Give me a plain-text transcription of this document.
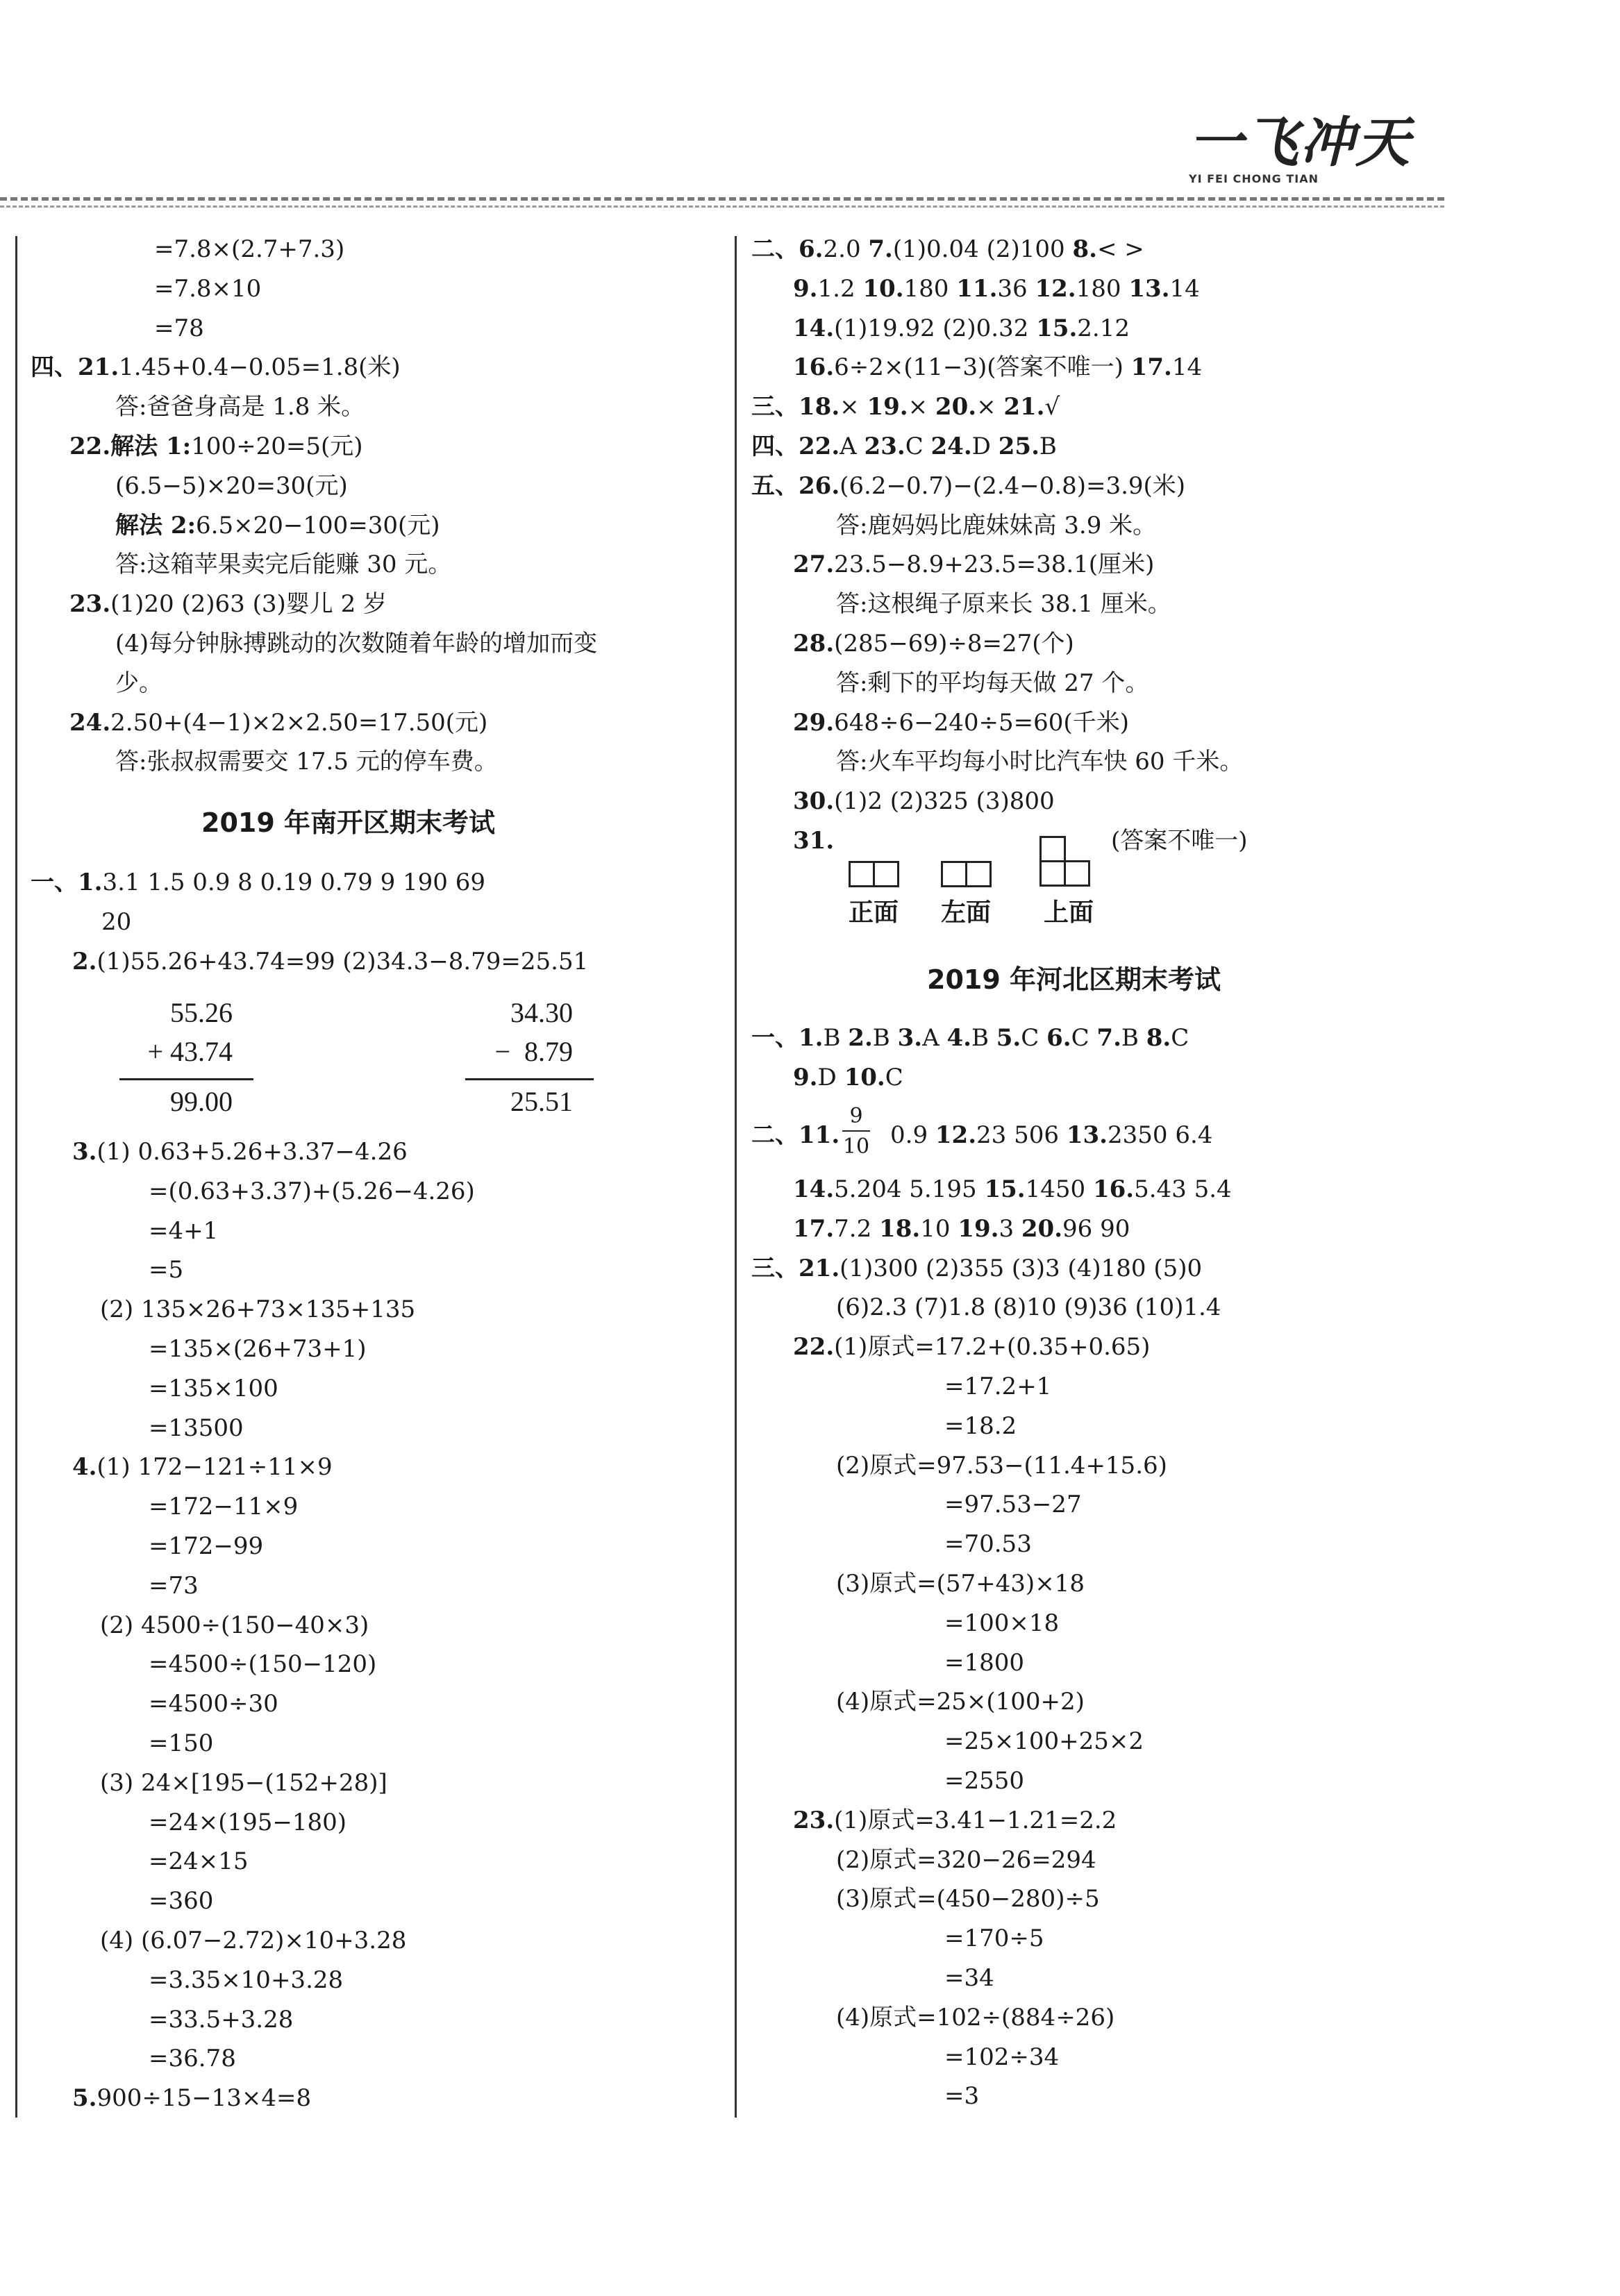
一飞冲天
YI FEI CHONG TIAN
=7.8×(2.7+7.3)
=7.8×10
=78
四、21.1.45+0.4−0.05=1.8(米)
答:爸爸身高是 1.8 米。
22.解法 1:100÷20=5(元)
(6.5−5)×20=30(元)
解法 2:6.5×20−100=30(元)
答:这箱苹果卖完后能赚 30 元。
23.(1)20 (2)63 (3)婴儿 2 岁
(4)每分钟脉搏跳动的次数随着年龄的增加而变
少。
24.2.50+(4−1)×2×2.50=17.50(元)
答:张叔叔需要交 17.5 元的停车费。
2019 年南开区期末考试
一、1.3.1 1.5 0.9 8 0.19 0.79 9 190 69
20
2.(1)55.26+43.74=99 (2)34.3−8.79=25.51
55.26
+ 43.74
99.00
34.30
−  8.79
25.51
3.(1) 0.63+5.26+3.37−4.26
=(0.63+3.37)+(5.26−4.26)
=4+1
=5
(2) 135×26+73×135+135
=135×(26+73+1)
=135×100
=13500
4.(1) 172−121÷11×9
=172−11×9
=172−99
=73
(2) 4500÷(150−40×3)
=4500÷(150−120)
=4500÷30
=150
(3) 24×[195−(152+28)]
=24×(195−180)
=24×15
=360
(4) (6.07−2.72)×10+3.28
=3.35×10+3.28
=33.5+3.28
=36.78
5.900÷15−13×4=8
二、6.2.0 7.(1)0.04 (2)100 8.< >
9.1.2 10.180 11.36 12.180 13.14
14.(1)19.92 (2)0.32 15.2.12
16.6÷2×(11−3)(答案不唯一) 17.14
三、18.× 19.× 20.× 21.√
四、22.A 23.C 24.D 25.B
五、26.(6.2−0.7)−(2.4−0.8)=3.9(米)
答:鹿妈妈比鹿妹妹高 3.9 米。
27.23.5−8.9+23.5=38.1(厘米)
答:这根绳子原来长 38.1 厘米。
28.(285−69)÷8=27(个)
答:剩下的平均每天做 27 个。
29.648÷6−240÷5=60(千米)
答:火车平均每小时比汽车快 60 千米。
30.(1)2 (2)325 (3)800
31.	(答案不唯一)
正面 左面 上面
2019 年河北区期末考试
一、1.B 2.B 3.A 4.B 5.C 6.C 7.B 8.C
9.D 10.C
二、11.
9
10 0.9 12.23 506 13.2350 6.4
14.5.204 5.195 15.1450 16.5.43 5.4
17.7.2 18.10 19.3 20.96 90
三、21.(1)300 (2)355 (3)3 (4)180 (5)0
(6)2.3 (7)1.8 (8)10 (9)36 (10)1.4
22.(1)原式=17.2+(0.35+0.65)
=17.2+1
=18.2
(2)原式=97.53−(11.4+15.6)
=97.53−27
=70.53
(3)原式=(57+43)×18
=100×18
=1800
(4)原式=25×(100+2)
=25×100+25×2
=2550
23.(1)原式=3.41−1.21=2.2
(2)原式=320−26=294
(3)原式=(450−280)÷5
=170÷5
=34
(4)原式=102÷(884÷26)
=102÷34
=3
